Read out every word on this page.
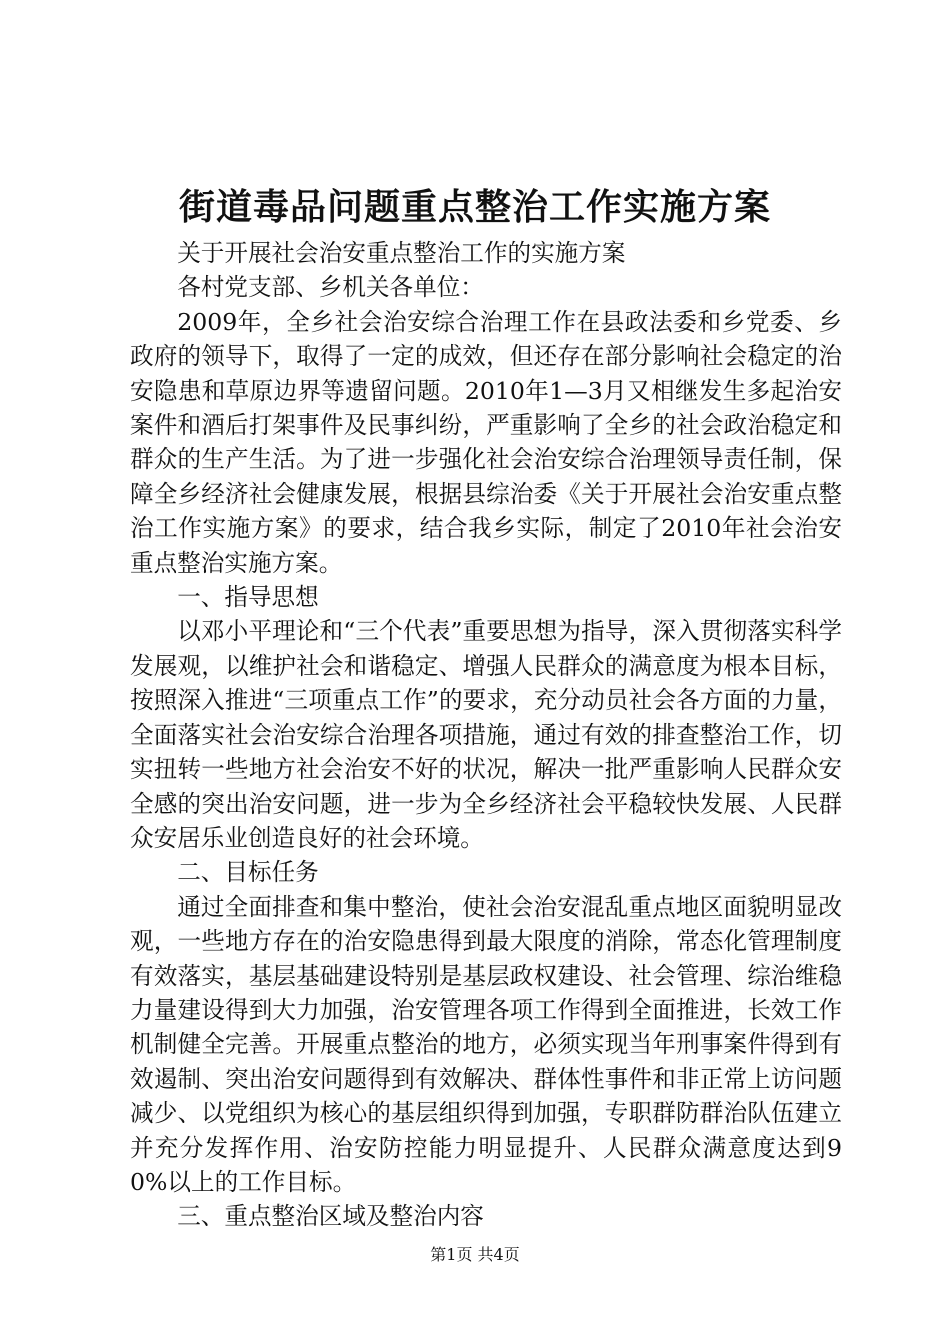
街道毒品问题重点整治工作实施方案

关于开展社会治安重点整治工作的实施方案

各村党支部、乡机关各单位：

2009年，全乡社会治安综合治理工作在县政法委和乡党委、乡政府的领导下，取得了一定的成效，但还存在部分影响社会稳定的治安隐患和草原边界等遗留问题。2010年1—3月又相继发生多起治安案件和酒后打架事件及民事纠纷，严重影响了全乡的社会政治稳定和群众的生产生活。为了进一步强化社会治安综合治理领导责任制，保障全乡经济社会健康发展，根据县综治委《关于开展社会治安重点整治工作实施方案》的要求，结合我乡实际，制定了2010年社会治安重点整治实施方案。

一、指导思想

以邓小平理论和“三个代表”重要思想为指导，深入贯彻落实科学发展观，以维护社会和谐稳定、增强人民群众的满意度为根本目标，按照深入推进“三项重点工作”的要求，充分动员社会各方面的力量，全面落实社会治安综合治理各项措施，通过有效的排查整治工作，切实扭转一些地方社会治安不好的状况，解决一批严重影响人民群众安全感的突出治安问题，进一步为全乡经济社会平稳较快发展、人民群众安居乐业创造良好的社会环境。

二、目标任务

通过全面排查和集中整治，使社会治安混乱重点地区面貌明显改观，一些地方存在的治安隐患得到最大限度的消除，常态化管理制度有效落实，基层基础建设特别是基层政权建设、社会管理、综治维稳力量建设得到大力加强，治安管理各项工作得到全面推进，长效工作机制健全完善。开展重点整治的地方，必须实现当年刑事案件得到有效遏制、突出治安问题得到有效解决、群体性事件和非正常上访问题减少、以党组织为核心的基层组织得到加强，专职群防群治队伍建立并充分发挥作用、治安防控能力明显提升、人民群众满意度达到90%以上的工作目标。

三、重点整治区域及整治内容

第1页 共4页
